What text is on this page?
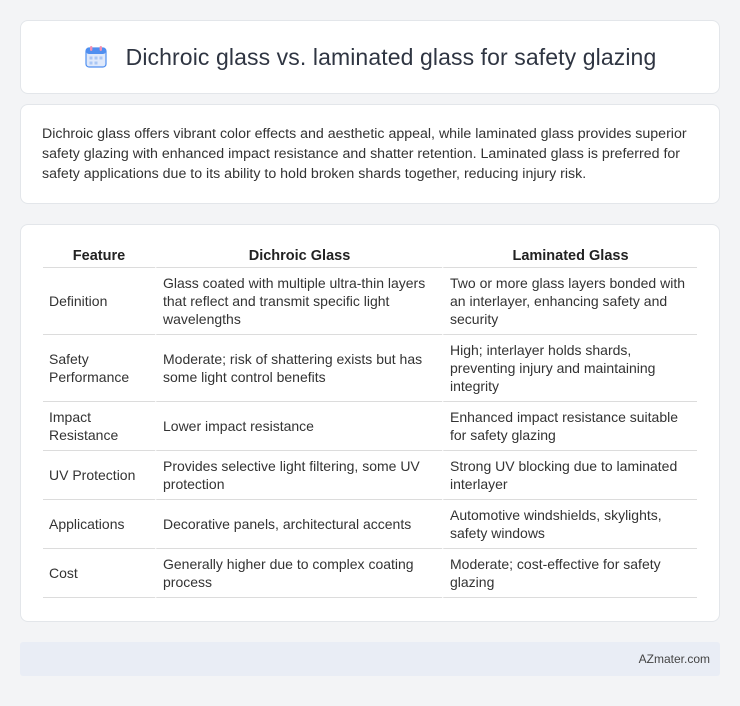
Dichroic glass vs. laminated glass for safety glazing

Dichroic glass offers vibrant color effects and aesthetic appeal, while laminated glass provides superior safety glazing with enhanced impact resistance and shatter retention. Laminated glass is preferred for safety applications due to its ability to hold broken shards together, reducing injury risk.

Feature	Dichroic Glass	Laminated Glass
Definition	Glass coated with multiple ultra-thin layers that reflect and transmit specific light wavelengths	Two or more glass layers bonded with an interlayer, enhancing safety and security
Safety Performance	Moderate; risk of shattering exists but has some light control benefits	High; interlayer holds shards, preventing injury and maintaining integrity
Impact Resistance	Lower impact resistance	Enhanced impact resistance suitable for safety glazing
UV Protection	Provides selective light filtering, some UV protection	Strong UV blocking due to laminated interlayer
Applications	Decorative panels, architectural accents	Automotive windshields, skylights, safety windows
Cost	Generally higher due to complex coating process	Moderate; cost-effective for safety glazing
AZmater.com
